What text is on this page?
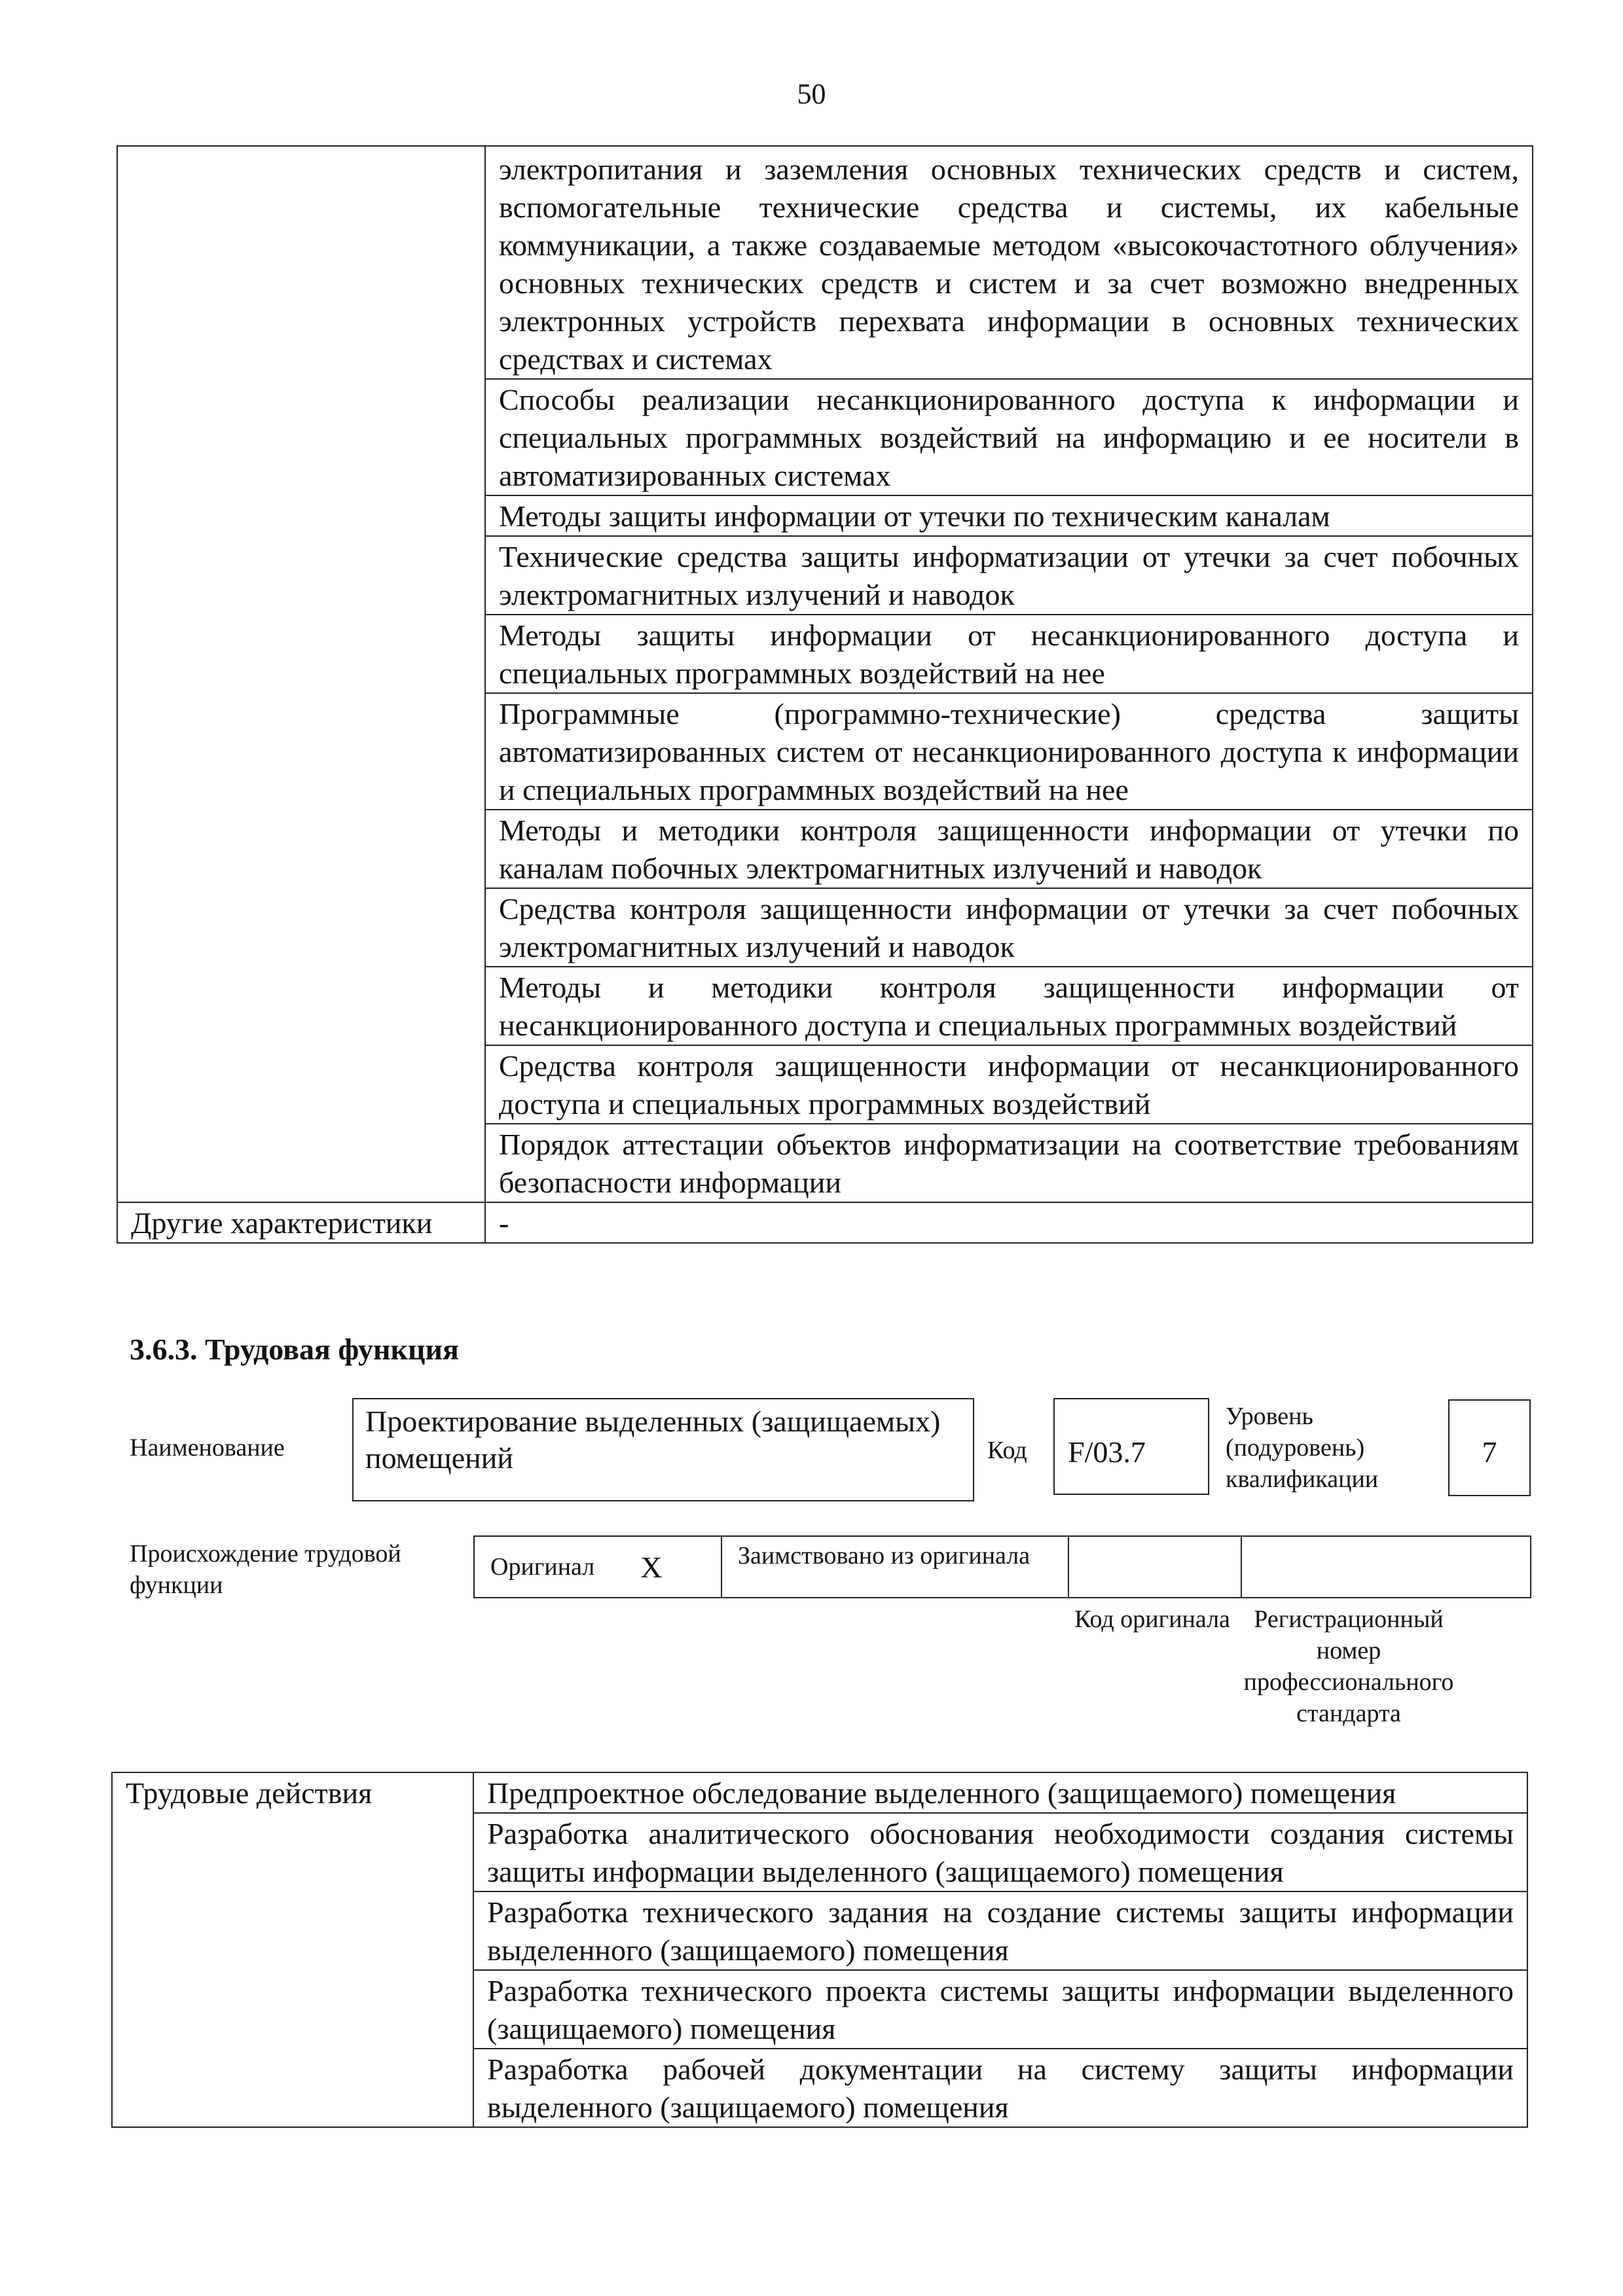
50
	электропитания и заземления основных технических средств и систем, вспомогательные технические средства и системы, их кабельные коммуникации, а также создаваемые методом «высокочастотного облучения» основных технических средств и систем и за счет возможно внедренных электронных устройств перехвата информации в основных технических средствах и системах
	Способы реализации несанкционированного доступа к информации и специальных программных воздействий на информацию и ее носители в автоматизированных системах
	Методы защиты информации от утечки по техническим каналам
	Технические средства защиты информатизации от утечки за счет побочных электромагнитных излучений и наводок
	Методы защиты информации от несанкционированного доступа и специальных программных воздействий на нее
	Программные (программно-технические) средства защиты автоматизированных систем от несанкционированного доступа к информации и специальных программных воздействий на нее
	Методы и методики контроля защищенности информации от утечки по каналам побочных электромагнитных излучений и наводок
	Средства контроля защищенности информации от утечки за счет побочных электромагнитных излучений и наводок
	Методы и методики контроля защищенности информации от несанкционированного доступа и специальных программных воздействий
	Средства контроля защищенности информации от несанкционированного доступа и специальных программных воздействий
	Порядок аттестации объектов информатизации на соответствие требованиям безопасности информации
Другие характеристики	-
3.6.3. Трудовая функция
Наименование
Проектирование выделенных (защищаемых) помещений	Код	F/03.7
Уровень (подуровень) квалификации
7
Происхождение трудовой функции
Оригинал X	Заимствовано из оригинала
Код оригинала Регистрационный номер профессионального стандарта
Трудовые действия	Предпроектное обследование выделенного (защищаемого) помещения
Разработка аналитического обоснования необходимости создания системы защиты информации выделенного (защищаемого) помещения
Разработка технического задания на создание системы защиты информации выделенного (защищаемого) помещения
Разработка технического проекта системы защиты информации выделенного (защищаемого) помещения
Разработка рабочей документации на систему защиты информации выделенного (защищаемого) помещения
